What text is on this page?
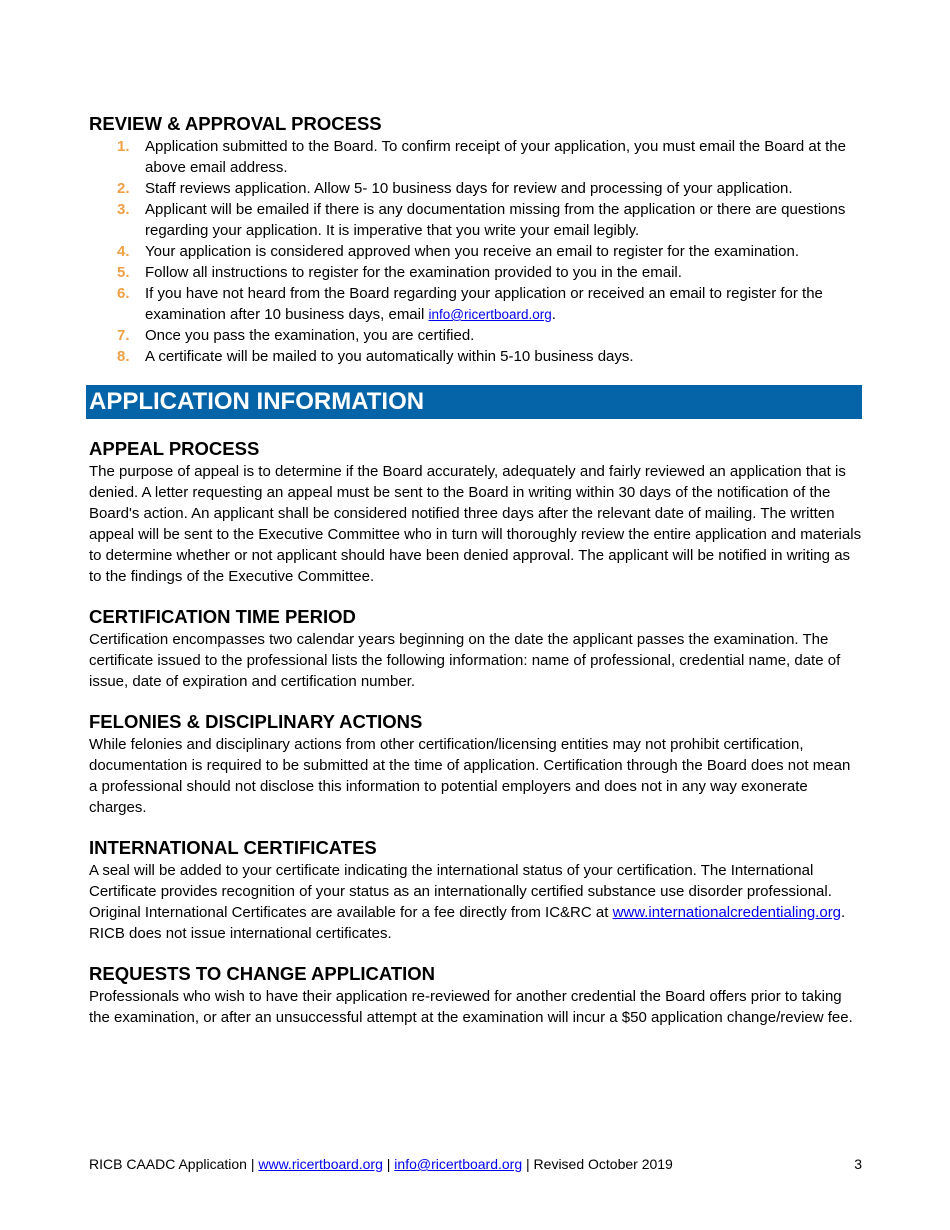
REVIEW & APPROVAL PROCESS
1. Application submitted to the Board. To confirm receipt of your application, you must email the Board at the above email address.
2. Staff reviews application. Allow 5- 10 business days for review and processing of your application.
3. Applicant will be emailed if there is any documentation missing from the application or there are questions regarding your application. It is imperative that you write your email legibly.
4. Your application is considered approved when you receive an email to register for the examination.
5. Follow all instructions to register for the examination provided to you in the email.
6. If you have not heard from the Board regarding your application or received an email to register for the examination after 10 business days, email info@ricertboard.org.
7. Once you pass the examination, you are certified.
8. A certificate will be mailed to you automatically within 5-10 business days.
APPLICATION INFORMATION
APPEAL PROCESS

The purpose of appeal is to determine if the Board accurately, adequately and fairly reviewed an application that is denied. A letter requesting an appeal must be sent to the Board in writing within 30 days of the notification of the Board's action. An applicant shall be considered notified three days after the relevant date of mailing. The written appeal will be sent to the Executive Committee who in turn will thoroughly review the entire application and materials to determine whether or not applicant should have been denied approval. The applicant will be notified in writing as to the findings of the Executive Committee.

CERTIFICATION TIME PERIOD

Certification encompasses two calendar years beginning on the date the applicant passes the examination. The certificate issued to the professional lists the following information: name of professional, credential name, date of issue, date of expiration and certification number.

FELONIES & DISCIPLINARY ACTIONS

While felonies and disciplinary actions from other certification/licensing entities may not prohibit certification, documentation is required to be submitted at the time of application. Certification through the Board does not mean a professional should not disclose this information to potential employers and does not in any way exonerate charges.

INTERNATIONAL CERTIFICATES

A seal will be added to your certificate indicating the international status of your certification. The International Certificate provides recognition of your status as an internationally certified substance use disorder professional. Original International Certificates are available for a fee directly from IC&RC at www.internationalcredentialing.org. RICB does not issue international certificates.

REQUESTS TO CHANGE APPLICATION

Professionals who wish to have their application re-reviewed for another credential the Board offers prior to taking the examination, or after an unsuccessful attempt at the examination will incur a $50 application change/review fee.

RICB CAADC Application | www.ricertboard.org | info@ricertboard.org | Revised October 2019	3
